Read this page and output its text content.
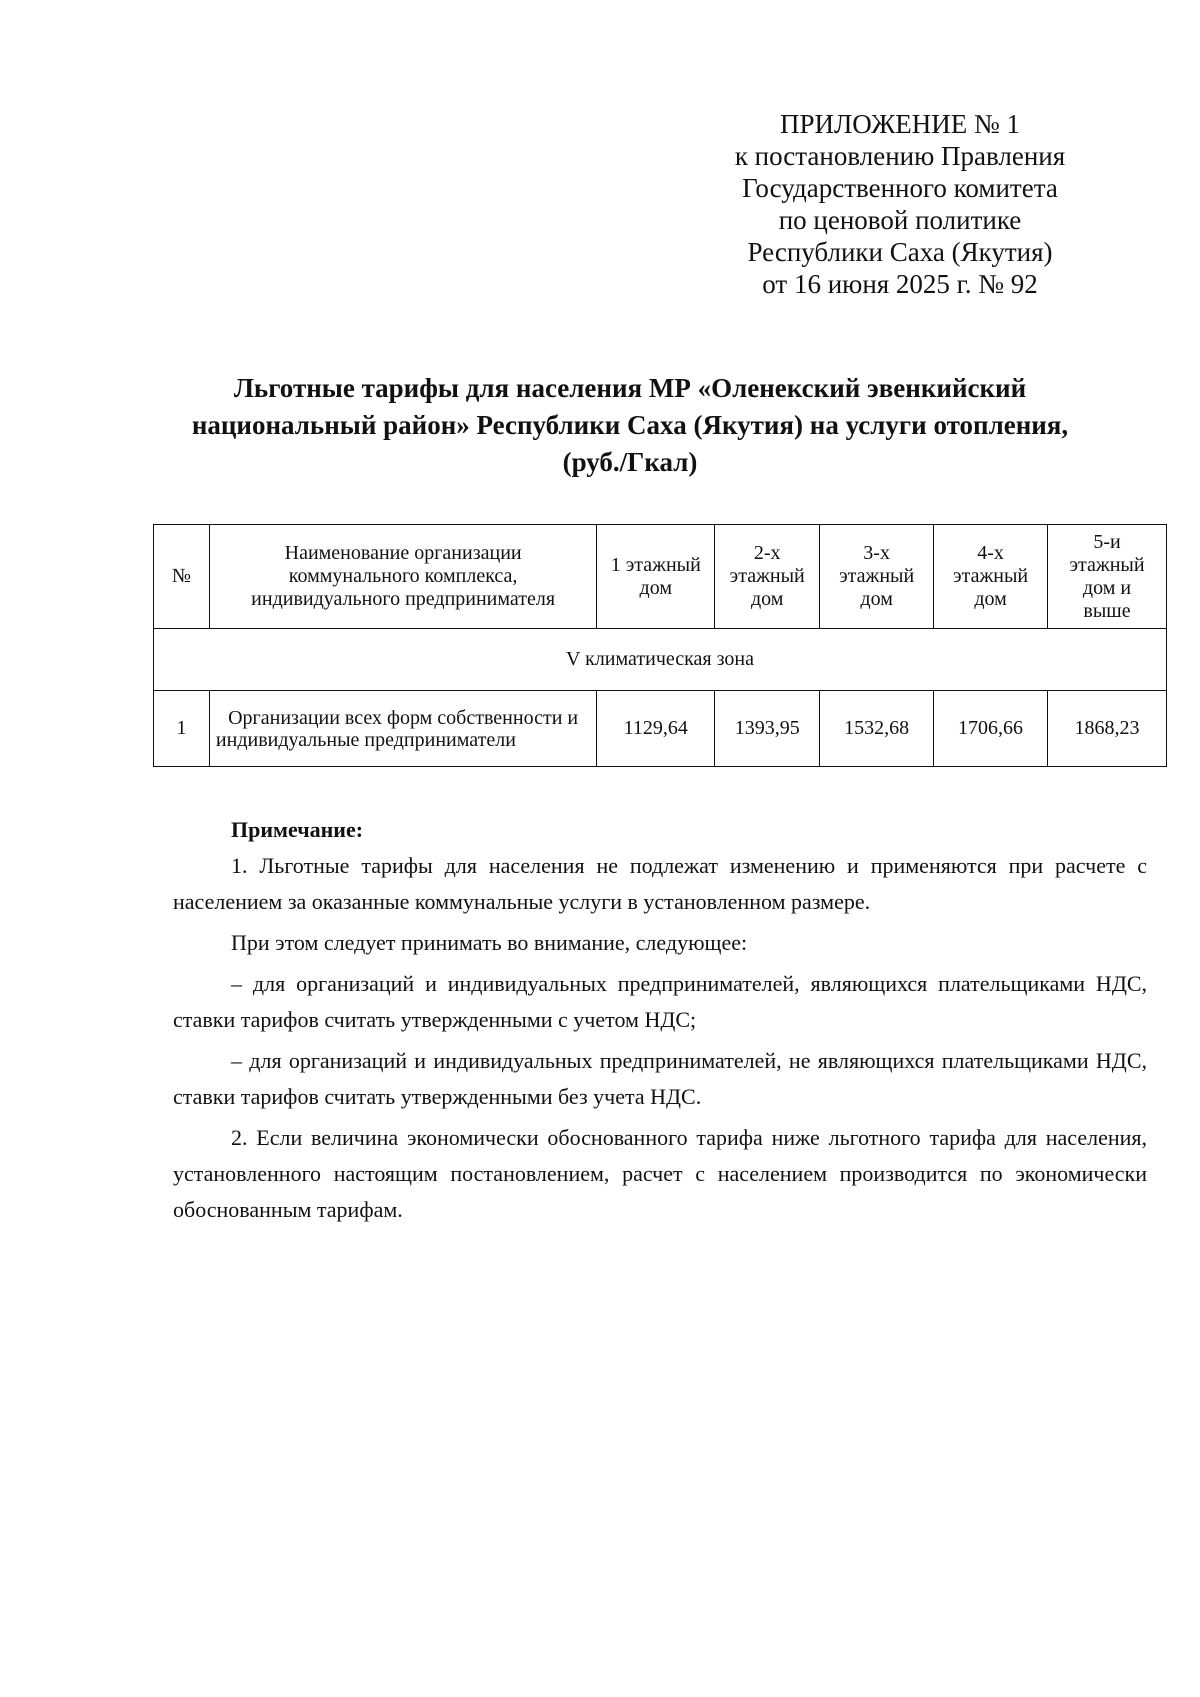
ПРИЛОЖЕНИЕ № 1
к постановлению Правления
Государственного комитета
по ценовой политике
Республики Саха (Якутия)
от 16 июня 2025 г. № 92
Льготные тарифы для населения МР «Оленекский эвенкийский
национальный район» Республики Саха (Якутия) на услуги отопления,
(руб./Гкал)
№	Наименование организации коммунального комплекса, индивидуального предпринимателя	1 этажный дом	2-х этажный дом	3-х этажный дом	4-х этажный дом	5-и этажный дом и выше
V климатическая зона						
1	Организации всех форм собственности и индивидуальные предприниматели	1129,64	1393,95	1532,68	1706,66	1868,23

Примечание:

1. Льготные тарифы для населения не подлежат изменению и применяются при расчете с населением за оказанные коммунальные услуги в установленном размере.

При этом следует принимать во внимание, следующее:

– для организаций и индивидуальных предпринимателей, являющихся плательщиками НДС, ставки тарифов считать утвержденными с учетом НДС;

– для организаций и индивидуальных предпринимателей, не являющихся плательщиками НДС, ставки тарифов считать утвержденными без учета НДС.

2. Если величина экономически обоснованного тарифа ниже льготного тарифа для населения, установленного настоящим постановлением, расчет с населением производится по экономически обоснованным тарифам.
